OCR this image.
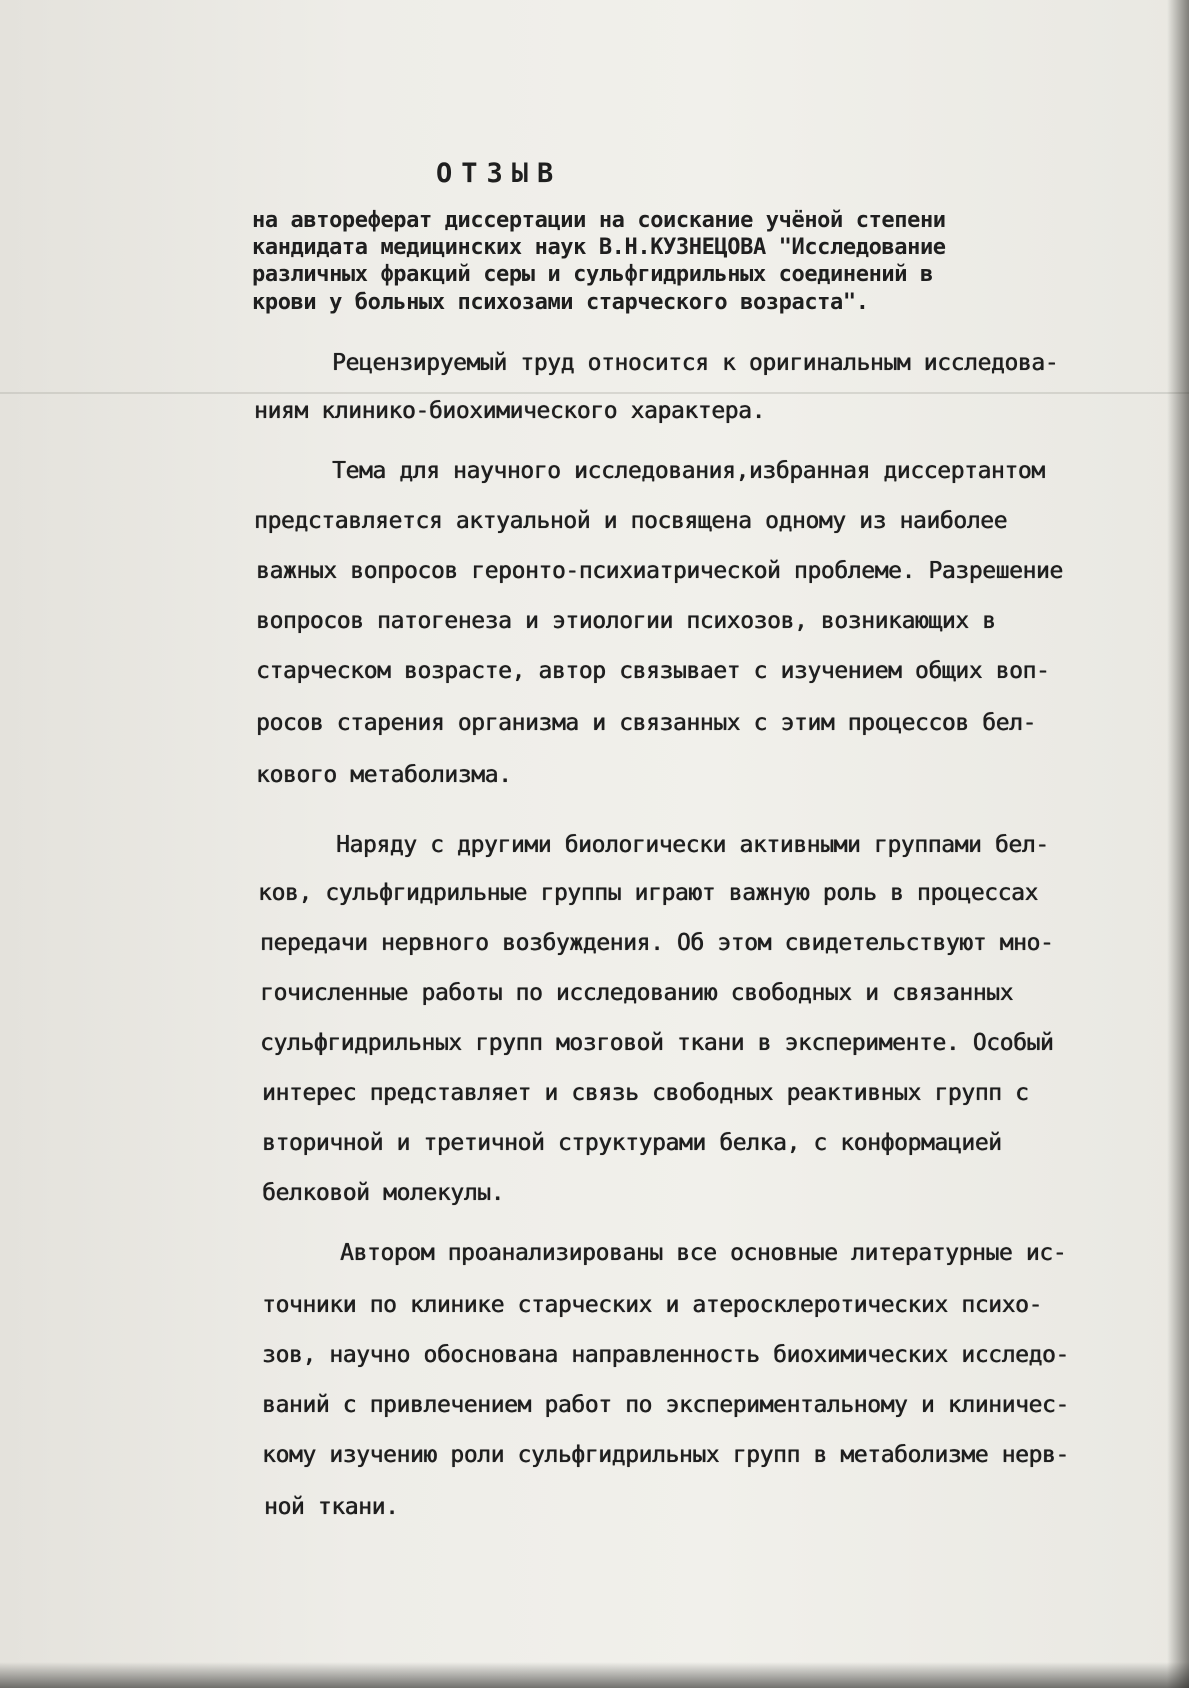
ОТЗЫВ
на автореферат диссертации на соискание учёной степени
кандидата медицинских наук В.Н.КУЗНЕЦОВА "Исследование
различных фракций серы и сульфгидрильных соединений в
крови у больных психозами старческого возраста".
Рецензируемый труд относится к оригинальным исследова-
ниям клинико-биохимического характера.
Тема для научного исследования,избранная диссертантом
представляется актуальной и посвящена одному из наиболее
важных вопросов геронто-психиатрической проблеме. Разрешение
вопросов патогенеза и этиологии психозов, возникающих в
старческом возрасте, автор связывает с изучением общих воп-
росов старения организма и связанных с этим процессов бел-
кового метаболизма.
Наряду с другими биологически активными группами бел-
ков, сульфгидрильные группы играют важную роль в процессах
передачи нервного возбуждения. Об этом свидетельствуют мно-
гочисленные работы по исследованию свободных и связанных
сульфгидрильных групп мозговой ткани в эксперименте. Особый
интерес представляет и связь свободных реактивных групп с
вторичной и третичной структурами белка, с конформацией
белковой молекулы.
Автором проанализированы все основные литературные ис-
точники по клинике старческих и атеросклеротических психо-
зов, научно обоснована направленность биохимических исследо-
ваний с привлечением работ по экспериментальному и клиничес-
кому изучению роли сульфгидрильных групп в метаболизме нерв-
ной ткани.
